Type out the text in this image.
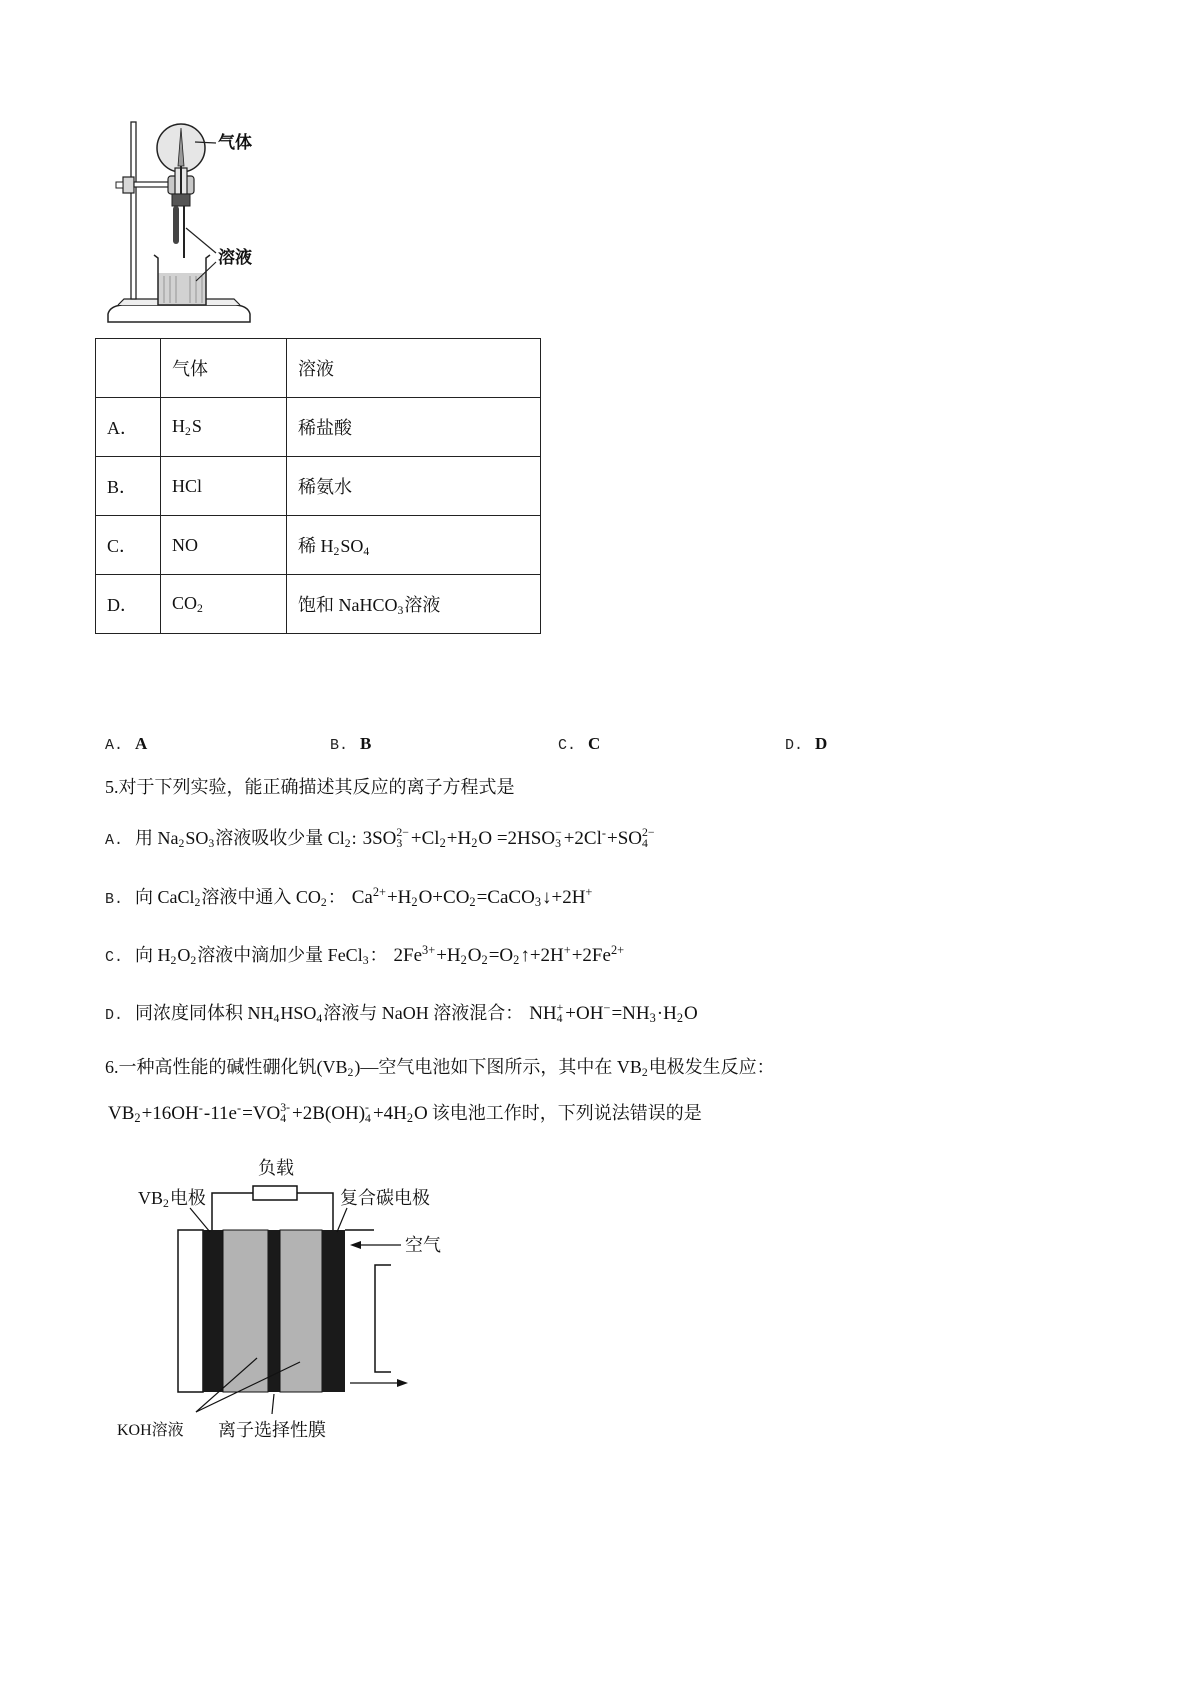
气体
溶液
	气体	溶液
A．	$H_2S$	稀盐酸
B．	HCl	稀氨水
C．	NO	稀 $H_2SO_4$
D．	$CO_2$	饱和 NaHCO$_3$溶液
A. A	B. B	C. C	D. D
5.对于下列实验，能正确描述其反应的离子方程式是
A. 用 $Na_2SO_3$溶液吸收少量 $Cl_2$: 3SO 2−
$3 +Cl_2+H_2O =2HSO$ −
3 +2Cl-+SO 2−
4
B. 向 CaCl$_2$溶液中通入 $CO_2$： $Ca^{2+}+H_2O+CO_2=CaCO_3↓+2H^+$
C. 向 $H_2O_2$溶液中滴加少量 FeCl$_3$： $2Fe^{3+}+H_2O_2=O_2↑+2H^++2Fe^{2+}$
D. 同浓度同体积 $NH_4HSO_4$溶液与 NaOH 溶液混合： NH +
$4 +OH^-=NH_3\cdot H_2O$
6.一种高性能的碱性硼化钒$(VB_2)—$空气电池如下图所示，其中在 $VB_2$电极发生反应：
$VB_2+16OH^--11e^-=VO$ 3-
4 +2B(OH) -
$4 +4H_2O$ 该电池工作时，下列说法错误的是
负载
$VB_2$电极	复合碳电极
空气
KOH溶液 离子选择性膜
